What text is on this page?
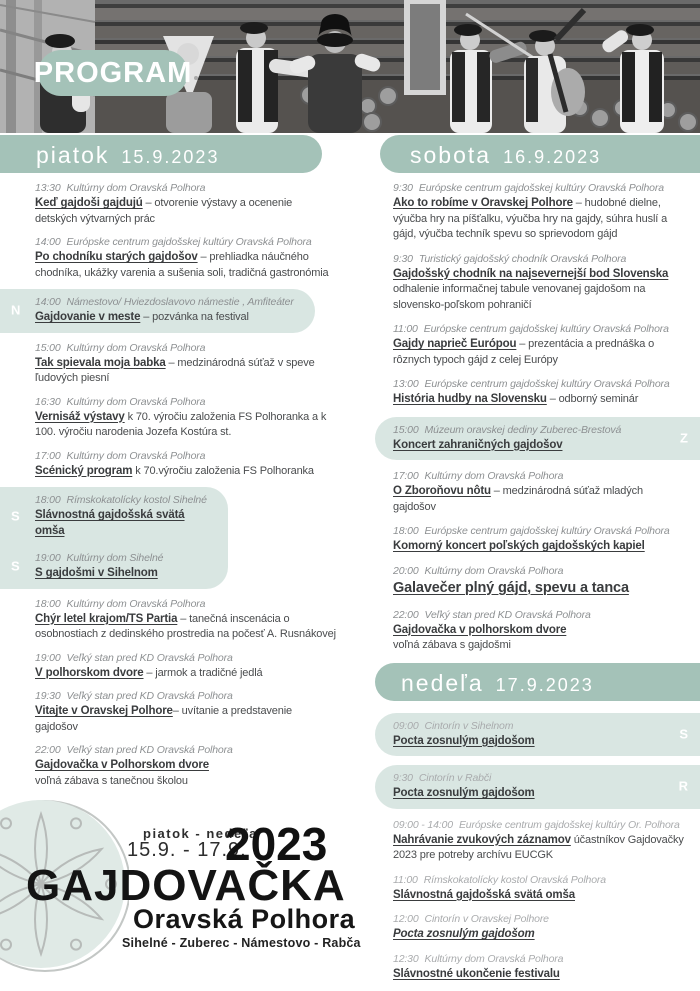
PROGRAM
piatok 15.9.2023	sobota 16.9.2023
13:30 Kultúrny dom Oravská Polhora
Keď gajdoši gajdujú – otvorenie výstavy a ocenenie detských výtvarných prác
14:00 Európske centrum gajdošskej kultúry Oravská Polhora
Po chodníku starých gajdošov – prehliadka náučného chodníka, ukážky varenia a sušenia soli, tradičná gastronómia
14:00 Námestovo/ Hviezdoslavovo námestie , Amfiteáter
Gajdovanie v meste – pozvánka na festival
N
15:00 Kultúrny dom Oravská Polhora
Tak spievala moja babka – medzinárodná súťaž v speve ľudových piesní
16:30 Kultúrny dom Oravská Polhora
Vernisáž výstavy k 70. výročiu založenia FS Polhoranka a k 100. výročiu narodenia Jozefa Kostúra st.
17:00 Kultúrny dom Oravská Polhora
Scénický program k 70.výročiu založenia FS Polhoranka
18:00 Rímskokatolícky kostol Sihelné
Slávnostná gajdošská svätá omša
S
19:00 Kultúrny dom Sihelné
S gajdošmi v Sihelnom
S
18:00 Kultúrny dom Oravská Polhora
Chýr letel krajom/TS Partia – tanečná inscenácia o osobnostiach z dedinského prostredia na počesť A. Rusnákovej
19:00 Veľký stan pred KD Oravská Polhora
V polhorskom dvore – jarmok a tradičné jedlá
19:30 Veľký stan pred KD Oravská Polhora
Vitajte v Oravskej Polhore– uvítanie a predstavenie gajdošov
22:00 Veľký stan pred KD Oravská Polhora
Gajdovačka v Polhorskom dvore
voľná zábava s tanečnou školou
9:30 Európske centrum gajdošskej kultúry Oravská Polhora
Ako to robíme v Oravskej Polhore – hudobné dielne, výučba hry na píšťalku, výučba hry na gajdy, súhra huslí a gájd, výučba techník spevu so sprievodom gájd
9:30 Turistický gajdošský chodník Oravská Polhora
Gajdošský chodník na najsevernejší bod Slovenska
odhalenie informačnej tabule venovanej gajdošom na slovensko-poľskom pohraničí
11:00 Európske centrum gajdošskej kultúry Oravská Polhora
Gajdy naprieč Európou – prezentácia a prednáška o rôznych typoch gájd z celej Európy
13:00 Európske centrum gajdošskej kultúry Oravská Polhora
História hudby na Slovensku – odborný seminár
15:00 Múzeum oravskej dediny Zuberec-Brestová
Koncert zahraničných gajdošov	Z
17:00 Kultúrny dom Oravská Polhora
O Zboroňovu nôtu – medzinárodná súťaž mladých gajdošov
18:00 Európske centrum gajdošskej kultúry Oravská Polhora
Komorný koncert poľských gajdošských kapiel
20:00 Kultúrny dom Oravská Polhora
Galavečer plný gájd, spevu a tanca
22:00 Veľký stan pred KD Oravská Polhora
Gajdovačka v polhorskom dvore
voľná zábava s gajdošmi
nedeľa 17.9.2023
09:00 Cintorín v Sihelnom
Pocta zosnulým gajdošom	S
9:30 Cintorín v Rabči
Pocta zosnulým gajdošom	R
09:00 - 14:00 Európske centrum gajdošskej kultúry Or. Polhora
Nahrávanie zvukových záznamov účastníkov Gajdovačky 2023 pre potreby archívu EUCGK
11:00 Rímskokatolícky kostol Oravská Polhora
Slávnostná gajdošská svätá omša
12:00 Cintorín v Oravskej Polhore
Pocta zosnulým gajdošom
12:30 Kultúrny dom Oravská Polhora
Slávnostné ukončenie festivalu
piatok - nedeľa
15.9. - 17.9.
2023
GAJDOVAČKA
Oravská Polhora
Sihelné - Zuberec - Námestovo - Rabča
